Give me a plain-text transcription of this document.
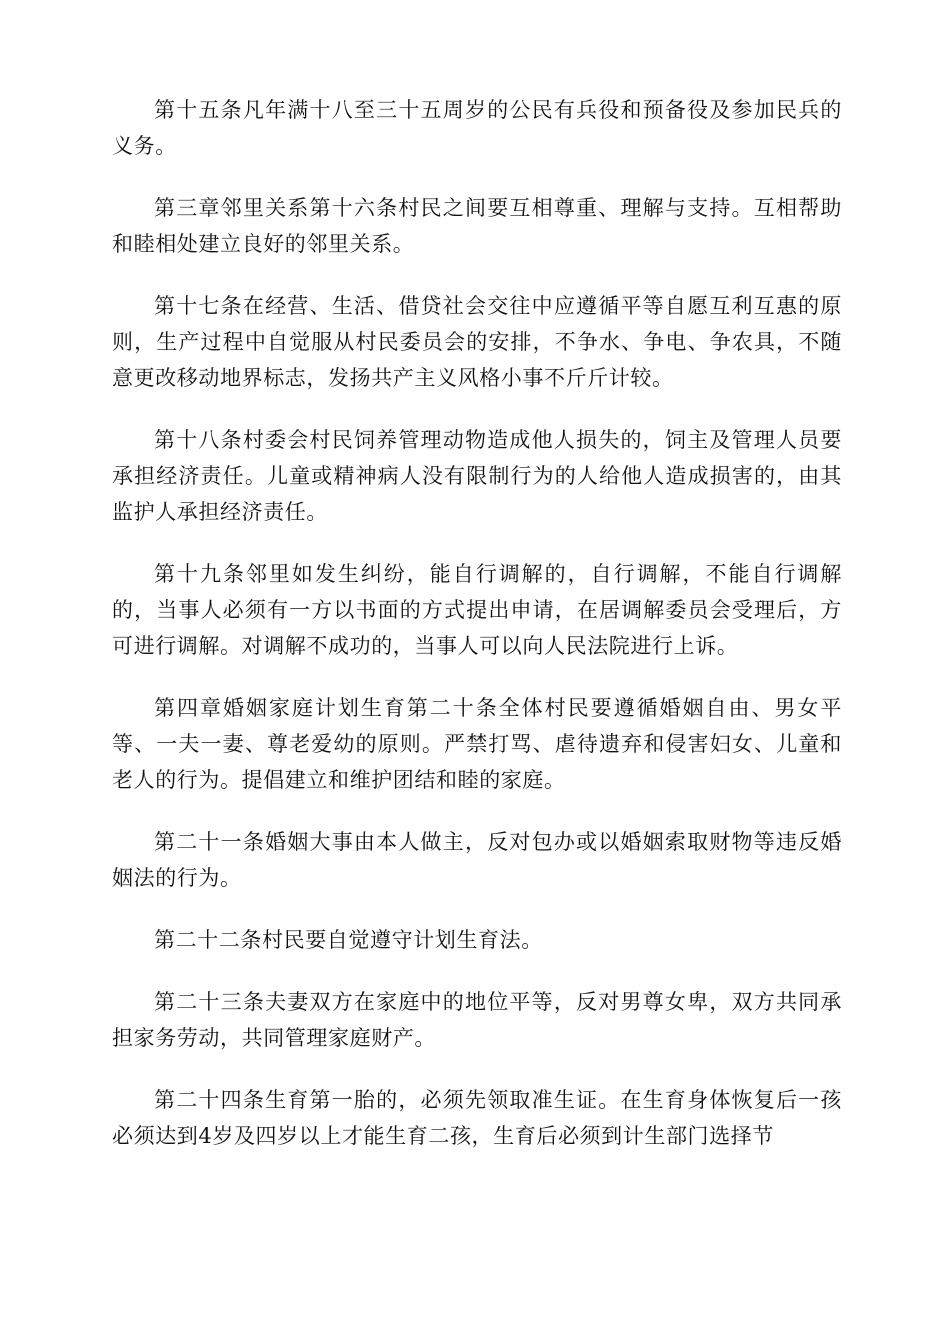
第十五条凡年满十八至三十五周岁的公民有兵役和预备役及参加民兵的义务。

第三章邻里关系第十六条村民之间要互相尊重、理解与支持。互相帮助和睦相处建立良好的邻里关系。

第十七条在经营、生活、借贷社会交往中应遵循平等自愿互利互惠的原则，生产过程中自觉服从村民委员会的安排，不争水、争电、争农具，不随意更改移动地界标志，发扬共产主义风格小事不斤斤计较。

第十八条村委会村民饲养管理动物造成他人损失的，饲主及管理人员要承担经济责任。儿童或精神病人没有限制行为的人给他人造成损害的，由其监护人承担经济责任。

第十九条邻里如发生纠纷，能自行调解的，自行调解，不能自行调解的，当事人必须有一方以书面的方式提出申请，在居调解委员会受理后，方可进行调解。对调解不成功的，当事人可以向人民法院进行上诉。

第四章婚姻家庭计划生育第二十条全体村民要遵循婚姻自由、男女平等、一夫一妻、尊老爱幼的原则。严禁打骂、虐待遗弃和侵害妇女、儿童和老人的行为。提倡建立和维护团结和睦的家庭。

第二十一条婚姻大事由本人做主，反对包办或以婚姻索取财物等违反婚姻法的行为。

第二十二条村民要自觉遵守计划生育法。

第二十三条夫妻双方在家庭中的地位平等，反对男尊女卑，双方共同承担家务劳动，共同管理家庭财产。

第二十四条生育第一胎的，必须先领取准生证。在生育身体恢复后一孩必须达到4岁及四岁以上才能生育二孩，生育后必须到计生部门选择节
